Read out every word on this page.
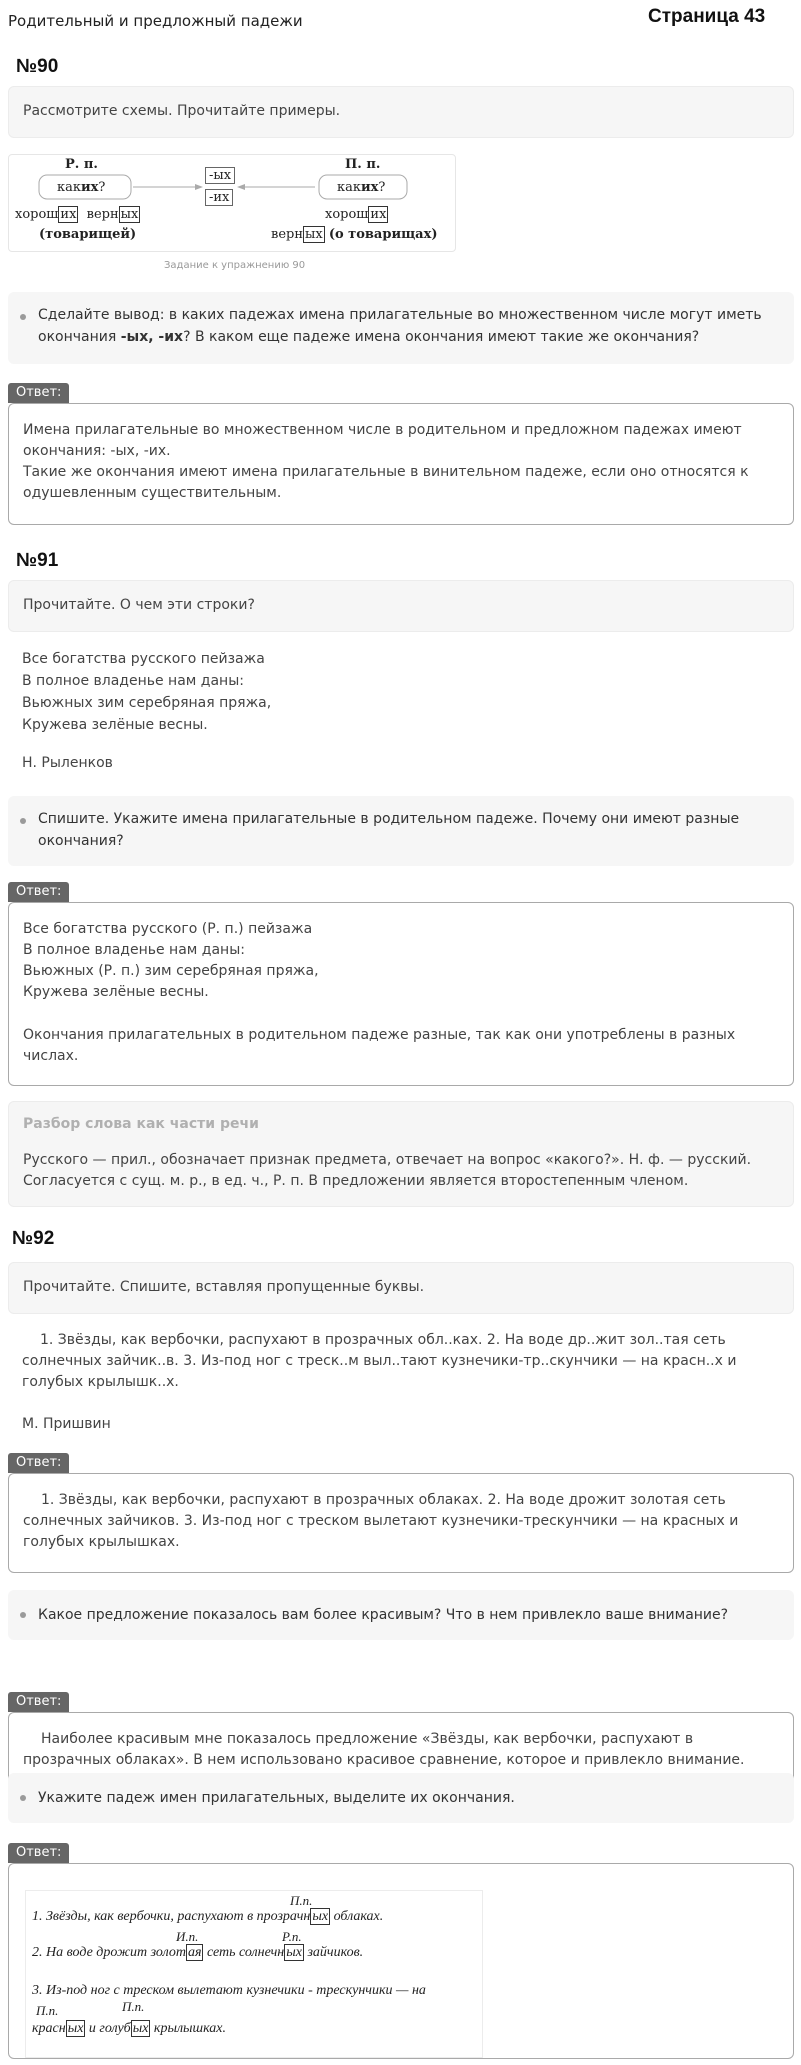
Родительный и предложный падежи	Страница 43
№90
Рассмотрите схемы. Прочитайте примеры.
Р. п.
каких?
хорош их верн ых
(товарищей)
-ых
-их
П. п.
каких?
хорош их
верн ых (о товарищах)
Задание к упражнению 90
Сделайте вывод: в каких падежах имена прилагательные во множественном числе могут иметь окончания -ых, -их? В каком еще падеже имена окончания имеют такие же окончания?
Ответ:
Имена прилагательные во множественном числе в родительном и предложном падежах имеют
окончания: -ых, -их.
Такие же окончания имеют имена прилагательные в винительном падеже, если оно относятся к
одушевленным существительным.
№91
Прочитайте. О чем эти строки?
Все богатства русского пейзажа
В полное владенье нам даны:
Вьюжных зим серебряная пряжа,
Кружева зелёные весны.
Н. Рыленков
Спишите. Укажите имена прилагательные в родительном падеже. Почему они имеют разные
окончания?
Ответ:
Все богатства русского (Р. п.) пейзажа
В полное владенье нам даны:
Вьюжных (Р. п.) зим серебряная пряжа,
Кружева зелёные весны.
Окончания прилагательных в родительном падеже разные, так как они употреблены в разных
числах.
Разбор слова как части речи
Русского — прил., обозначает признак предмета, отвечает на вопрос «какого?». Н. ф. — русский.
Согласуется с сущ. м. р., в ед. ч., Р. п. В предложении является второстепенным членом.
№92
Прочитайте. Спишите, вставляя пропущенные буквы.
1. Звёзды, как вербочки, распухают в прозрачных обл..ках. 2. На воде др..жит зол..тая сеть
солнечных зайчик..в. 3. Из-под ног с треск..м выл..тают кузнечики-тр..скунчики — на красн..х и
голубых крылышк..х.
М. Пришвин
Ответ:
1. Звёзды, как вербочки, распухают в прозрачных облаках. 2. На воде дрожит золотая сеть
солнечных зайчиков. 3. Из-под ног с треском вылетают кузнечики-трескунчики — на красных и
голубых крылышках.
Какое предложение показалось вам более красивым? Что в нем привлекло ваше внимание?
Ответ:
Наиболее красивым мне показалось предложение «Звёзды, как вербочки, распухают в
прозрачных облаках». В нем использовано красивое сравнение, которое и привлекло внимание.
Укажите падеж имен прилагательных, выделите их окончания.
Ответ:
П.п.
1. Звёзды, как вербочки, распухают в прозрачн ых облаках.
И.п.	Р.п.
2. На воде дрожит золот ая сеть солнечн ых зайчиков.
3. Из-под ног с треском вылетают кузнечики - трескунчики — на
П.п.	П.п.
красн ых и голуб ых крылышках.
